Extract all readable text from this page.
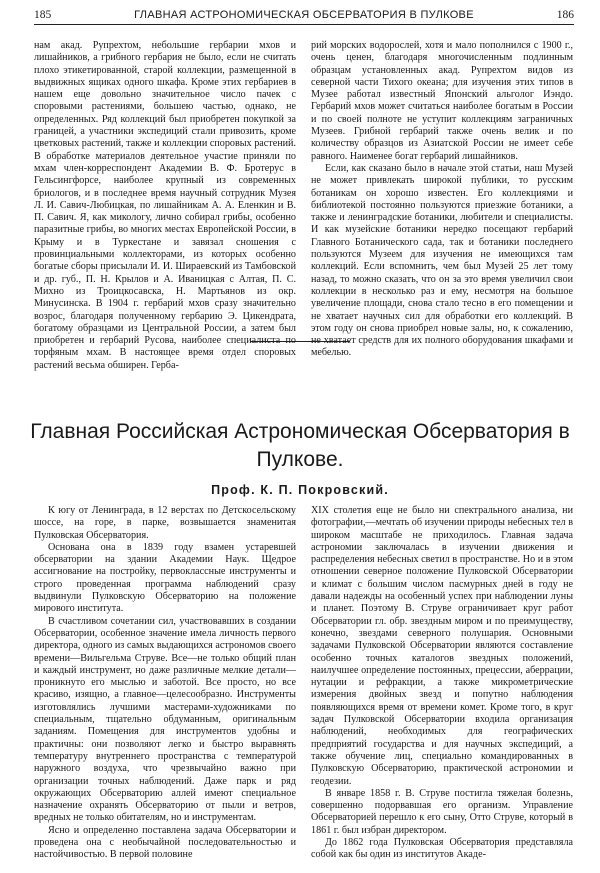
185	ГЛАВНАЯ АСТРОНОМИЧЕСКАЯ ОБСЕРВАТОРИЯ В ПУЛКОВЕ	186

нам акад. Рупрехтом, небольшие гербарии мхов и лишайников, а грибного гербария не было, если не считать плохо этикетированной, старой коллекции, размещенной в выдвижных ящиках одного шкафа. Кроме этих гербариев в нашем еще довольно значительное число пачек с споровыми растениями, большею частью, однако, не определенных. Ряд коллекций был приобретен покупкой за границей, а участники экспедиций стали привозить, кроме цветковых растений, также и коллекции споровых растений. В обработке материалов деятельное участие приняли по мхам член-корреспондент Академии В. Ф. Бротеруc в Гельсингфорсе, наиболее крупный из современных бриологов, и в последнее время научный сотрудник Музея Л. И. Савич-Любицкая, по лишайникам А. А. Еленкин и В. П. Савич. Я, как микологу, лично собирал грибы, особенно паразитные грибы, во многих местах Европейской России, в Крыму и в Туркестане и завязал сношения с провинциальными коллекторами, из которых особенно богатые сборы присылали И. И. Шираевский из Тамбовской и др. губ., П. Н. Крылов и А. Иваницкая с Алтая, П. С. Михно из Троицкосавска, Н. Мартьянов из окр. Минусинска. В 1904 г. гербарий мхов сразу значительно возрос, благодаря полученному гербарию Э. Цикендрата, богатому образцами из Центральной России, а затем был приобретен и гербарий Русова, наиболее специалиста по торфяным мхам. В настоящее время отдел споровых растений весьма обширен. Герба-

рий морских водорослей, хотя и мало пополнился с 1900 г., очень ценен, благодаря многочисленным подлинным образцам установленных акад. Рупрехтом видов из северной части Тихого океана; для изучения этих типов в Музее работал известный Японский альголог Иэндо. Гербарий мхов может считаться наиболее богатым в России и по своей полноте не уступит коллекциям заграничных Музеев. Грибной гербарий также очень велик и по количеству образцов из Азиатской России не имеет себе равного. Наименее богат гербарий лишайников.

Если, как сказано было в начале этой статьи, наш Музей не может привлекать широкой публики, то русским ботаникам он хорошо известен. Его коллекциями и библиотекой постоянно пользуются приезжие ботаники, а также и ленинградские ботаники, любители и специалисты. И как музейские ботаники нередко посещают гербарий Главного Ботанического сада, так и ботаники последнего пользуются Музеем для изучения не имеющихся там коллекций. Если вспомнить, чем был Музей 25 лет тому назад, то можно сказать, что он за это время увеличил свои коллекции в несколько раз и ему, несмотря на большое увеличение площади, снова стало тесно в его помещении и не хватает научных сил для обработки его коллекций. В этом году он снова приобрел новые залы, но, к сожалению, не хватает средств для их полного оборудования шкафами и мебелью.

Главная Российская Астрономическая Обсерватория в Пулкове.
Проф. К. П. Покровский.

К югу от Ленинграда, в 12 верстах по Детскосельскому шоссе, на горе, в парке, возвышается знаменитая Пулковская Обсерватория.

Основана она в 1839 году взамен устаревшей обсерватории на здании Академии Наук. Щедрое ассигнование на постройку, первоклассные инструменты и строго проведенная программа наблюдений сразу выдвинули Пулковскую Обсерваторию на положение мирового института.

В счастливом сочетании сил, участвовавших в создании Обсерватории, особенное значение имела личность первого директора, одного из самых выдающихся астрономов своего времени—Вильгельма Струве. Все—не только общий план и каждый инструмент, но даже различные мелкие детали—проникнуто его мыслью и заботой. Все просто, но все красиво, изящно, а главное—целесообразно. Инструменты изготовлялись лучшими мастерами-художниками по специальным, тщательно обдуманным, оригинальным заданиям. Помещения для инструментов удобны и практичны: они позволяют легко и быстро выравнять температуру внутреннего пространства с температурой наружного воздуха, что чрезвычайно важно при организации точных наблюдений. Даже парк и ряд окружающих Обсерваторию аллей имеют специальное назначение охранять Обсерваторию от пыли и ветров, вредных не только обитателям, но и инструментам.

Ясно и определенно поставлена задача Обсерватории и проведена она с необычайной последовательностью и настойчивостью. В первой половине

XIX столетия еще не было ни спектрального анализа, ни фотографии,—мечтать об изучении природы небесных тел в широком масштабе не приходилось. Главная задача астрономии заключалась в изучении движения и распределения небесных светил в пространстве. Но и в этом отношении северное положение Пулковской Обсерватории и климат с большим числом пасмурных дней в году не давали надежды на особенный успех при наблюдении луны и планет. Поэтому В. Струве ограничивает круг работ Обсерватории гл. обр. звездным миром и по преимуществу, конечно, звездами северного полушария. Основными задачами Пулковской Обсерватории являются составление особенно точных каталогов звездных положений, наилучшее определение постоянных, прецессии, аберрации, нутации и рефракции, а также микрометрические измерения двойных звезд и попутно наблюдения появляющихся время от времени комет. Кроме того, в круг задач Пулковской Обсерватории входила организация наблюдений, необходимых для географических предприятий государства и для научных экспедиций, а также обучение лиц, специально командированных в Пулковскую Обсерваторию, практической астрономии и геодезии.

В январе 1858 г. В. Струве постигла тяжелая болезнь, совершенно подорвавшая его организм. Управление Обсерваторией перешло к его сыну, Отто Струве, который в 1861 г. был избран директором.

До 1862 года Пулковская Обсерватория представляла собой как бы один из институтов Акаде-
